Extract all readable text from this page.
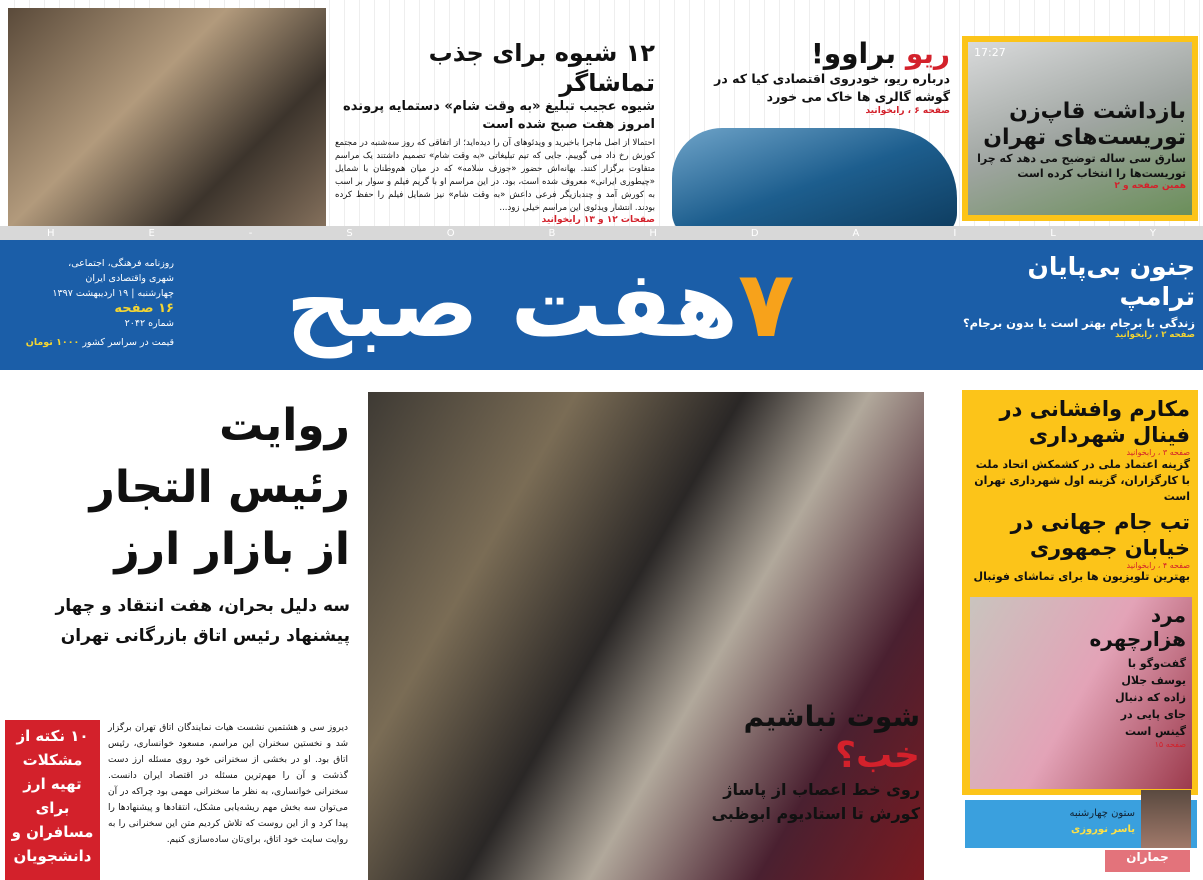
۱۲ شیوه برای جذب تماشاگر
شیوه عجیب تبلیغ «به وقت شام» دستمایه پرونده امروز هفت صبح شده است

احتمالا از اصل ماجرا باخبرید و ویدئوهای آن را دیده‌اید؛ از اتفاقی که روز سه‌شنبه در مجتمع کورش رخ داد می گوییم. جایی که تیم تبلیغاتی «به وقت شام» تصمیم داشتند یک مراسم متفاوت برگزار کنند. بهانه‌اش حضور «جوزف سلامه» که در میان هم‌وطنان با شمایل «چیطوری ایرانی» معروف شده است، بود. در این مراسم او با گریم فیلم و سوار بر اسب به کورش آمد و چندبازیگر فرعی داعش «به وقت شام» نیز شمایل فیلم را حفظ کرده بودند. انتشار ویدئوی این مراسم خیلی زود...

صفحات ۱۲ و ۱۳ رابخوانید
ریو براوو!
درباره ریو، خودروی اقتصادی کیا که در گوشه گالری ها خاک می خورد
صفحه ۶ ، رابخوانید
17:27
بازداشت قاپ‌زن توریست‌های تهران
سارق سی ساله توضیح می دهد که چرا توریست‌ها را انتخاب کرده است
همین صفحه و ۲
H	E	-	S	O	B	H	D	A	I	L	Y
۷هفت صبح
روزنامه فرهنگی، اجتماعی،
شهری واقتصادی ایران
چهارشنبه | ۱۹ اردیبهشت ۱۳۹۷
۱۶ صفحه
شماره ۲۰۴۲
قیمت در سراسر کشور ۱۰۰۰ تومان
جنون بی‌پایان ترامپ
زندگی با برجام بهتر است یا بدون برجام؟
صفحه ۲ ، رابخوانید
روایت
رئیس التجار
از بازار ارز
سه دلیل بحران، هفت انتقاد و چهار پیشنهاد رئیس اتاق بازرگانی تهران
۱۰ نکته از مشکلات تهیه ارز برای مسافران و دانشجویان

دیروز سی و هشتمین نشست هیات نمایندگان اتاق تهران برگزار شد و نخستین سخنران این مراسم، مسعود خوانساری، رئیس اتاق بود. او در بخشی از سخنرانی خود روی مسئله ارز دست گذشت و آن را مهم‌ترین مسئله در اقتصاد ایران دانست. سخنرانی خوانساری، به نظر ما سخنرانی مهمی بود چراکه در آن می‌توان سه بخش مهم ریشه‌یابی مشکل، انتقادها و پیشنهادها را پیدا کرد و از این روست که تلاش کردیم متن این سخنرانی را به روایت سایت خود اتاق، برای‌تان ساده‌سازی کنیم.

شوت نباشیم
خب؟
روی خط اعصاب از پاساژ کورش تا استادیوم ابوظبی
مکارم وافشانی در فینال شهرداری
صفحه ۳ ، رابخوانید
گزینه اعتماد ملی در کشمکش اتحاد ملت با کارگزاران، گزینه اول شهرداری تهران است
تب جام جهانی در خیابان جمهوری
صفحه ۴ ، رابخوانید
بهترین تلویزیون ها برای تماشای فوتبال
مرد هزارچهره
گفت‌وگو با یوسف جلال زاده که دنبال جای پایی در گینس است
صفحه ۱۵
ستون چهارشنبه
یاسر نوروزی
جماران
